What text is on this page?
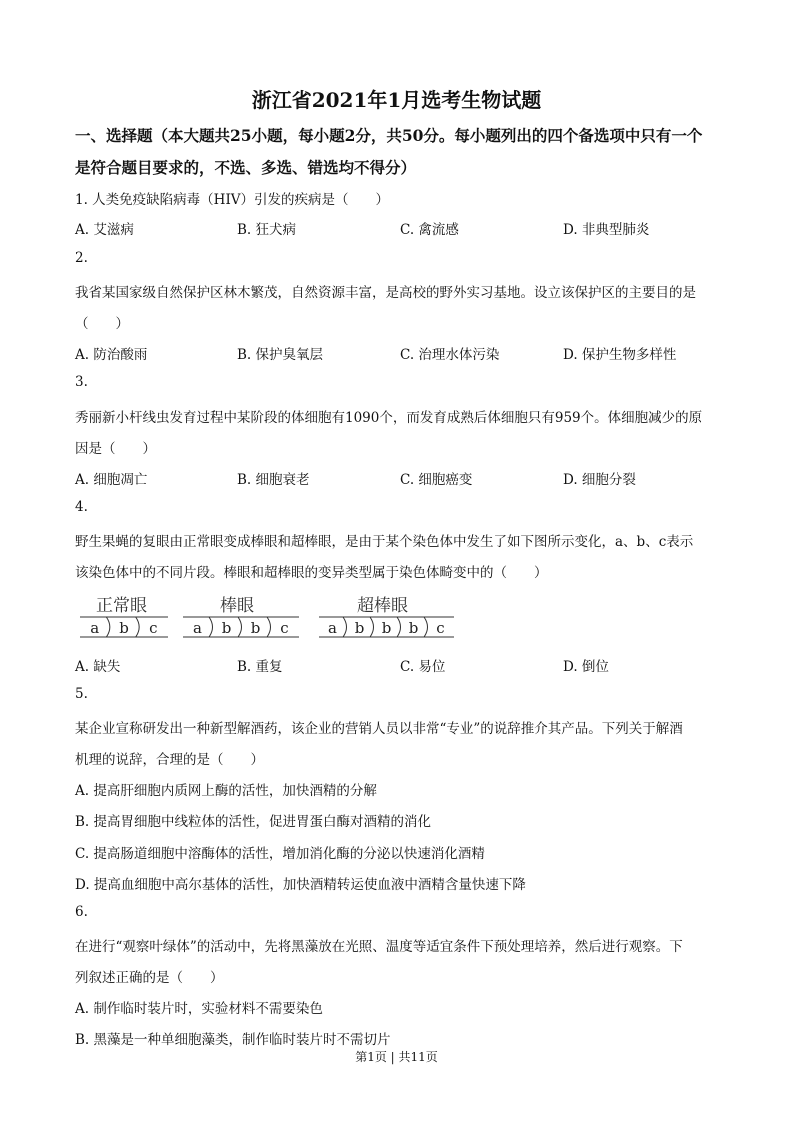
浙江省2021年1月选考生物试题
一、选择题（本大题共25小题，每小题2分，共50分。每小题列出的四个备选项中只有一个
是符合题目要求的，不选、多选、错选均不得分）
1. 人类免疫缺陷病毒（HIV）引发的疾病是（　　）
A. 艾滋病	B. 狂犬病	C. 禽流感	D. 非典型肺炎
2.
我省某国家级自然保护区林木繁茂，自然资源丰富，是高校的野外实习基地。设立该保护区的主要目的是
（　　）
A. 防治酸雨	B. 保护臭氧层	C. 治理水体污染	D. 保护生物多样性
3.
秀丽新小杆线虫发育过程中某阶段的体细胞有1090个，而发育成熟后体细胞只有959个。体细胞减少的原
因是（　　）
A. 细胞凋亡	B. 细胞衰老	C. 细胞癌变	D. 细胞分裂
4.
野生果蝇的复眼由正常眼变成棒眼和超棒眼，是由于某个染色体中发生了如下图所示变化，a、b、c表示
该染色体中的不同片段。棒眼和超棒眼的变异类型属于染色体畸变中的（　　）
正常眼	棒眼	超棒眼
a b c a b b c	a b b b c
A. 缺失	B. 重复	C. 易位	D. 倒位
5.
某企业宣称研发出一种新型解酒药，该企业的营销人员以非常“专业”的说辞推介其产品。下列关于解酒
机理的说辞，合理的是（　　）
A. 提高肝细胞内质网上酶的活性，加快酒精的分解
B. 提高胃细胞中线粒体的活性，促进胃蛋白酶对酒精的消化
C. 提高肠道细胞中溶酶体的活性，增加消化酶的分泌以快速消化酒精
D. 提高血细胞中高尔基体的活性，加快酒精转运使血液中酒精含量快速下降
6.
在进行“观察叶绿体”的活动中，先将黑藻放在光照、温度等适宜条件下预处理培养，然后进行观察。下
列叙述正确的是（　　）
A. 制作临时装片时，实验材料不需要染色
B. 黑藻是一种单细胞藻类，制作临时装片时不需切片
第1页 | 共11页
